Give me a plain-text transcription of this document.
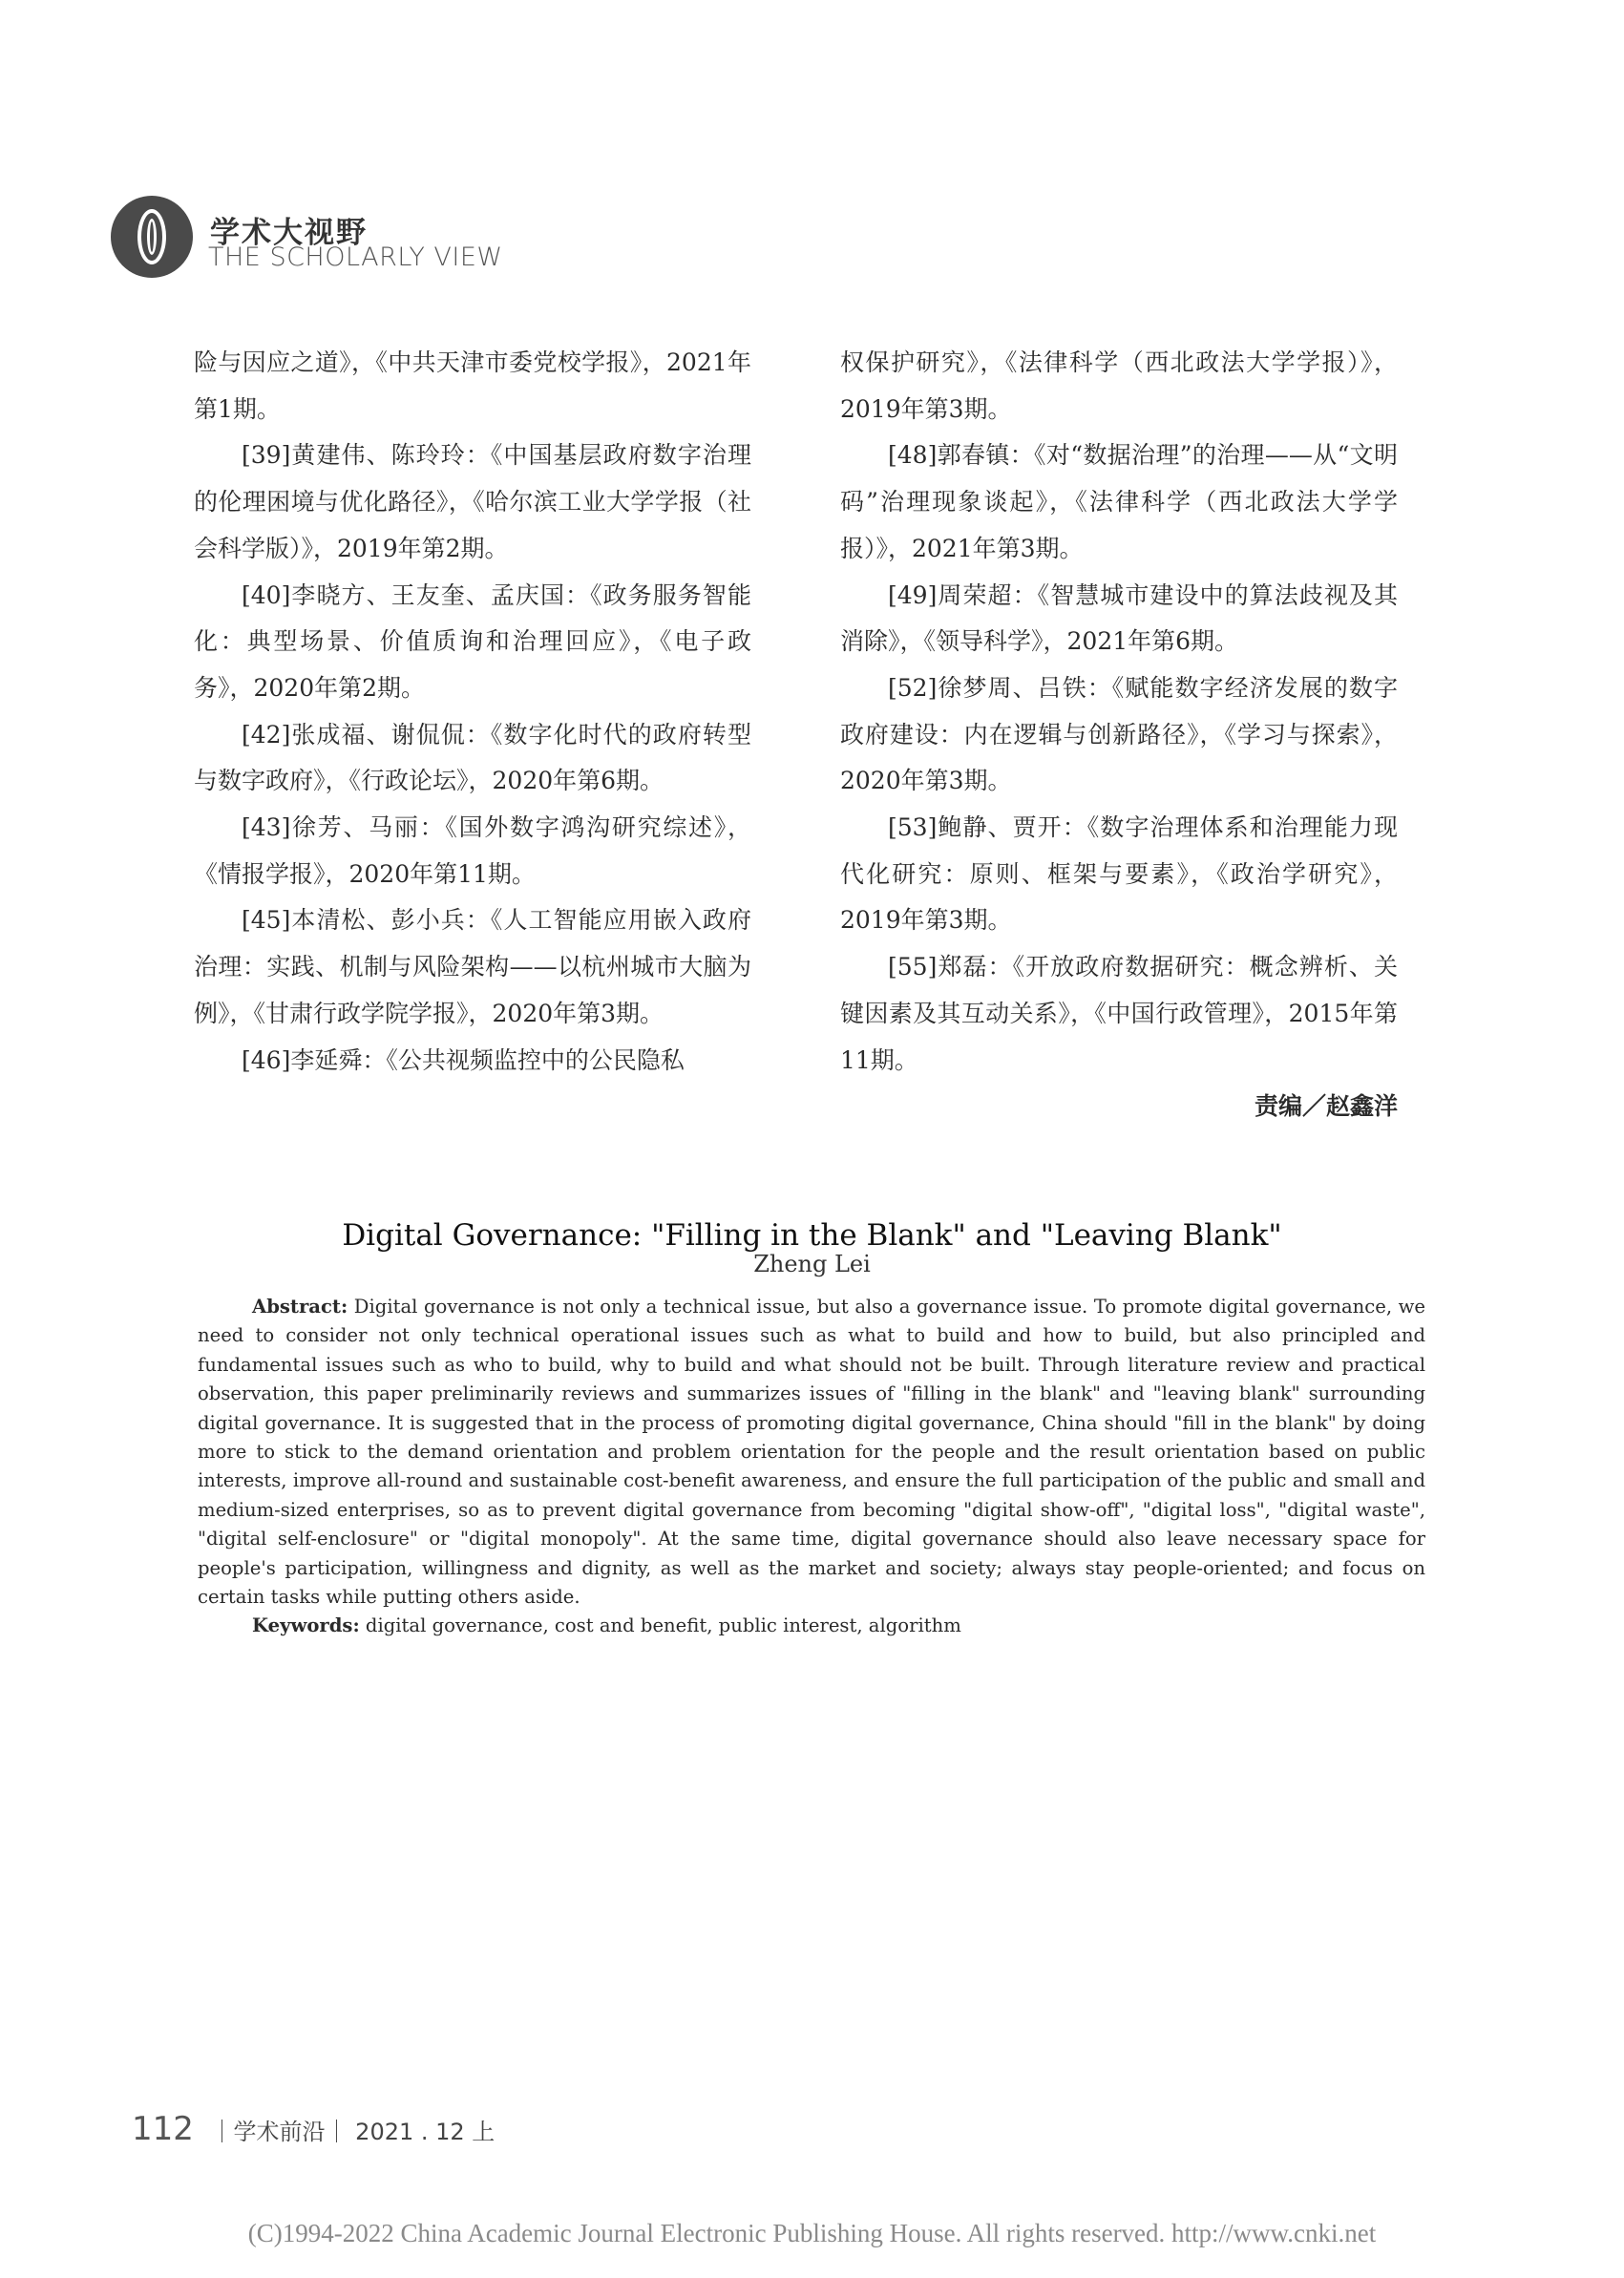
学术大视野
THE SCHOLARLY VIEW

险与因应之道》，《中共天津市委党校学报》，2021年第1期。

[39]黄建伟、陈玲玲：《中国基层政府数字治理的伦理困境与优化路径》，《哈尔滨工业大学学报（社会科学版）》，2019年第2期。

[40]李晓方、王友奎、孟庆国：《政务服务智能化：典型场景、价值质询和治理回应》，《电子政务》，2020年第2期。

[42]张成福、谢侃侃：《数字化时代的政府转型与数字政府》，《行政论坛》，2020年第6期。

[43]徐芳、马丽：《国外数字鸿沟研究综述》，《情报学报》，2020年第11期。

[45]本清松、彭小兵：《人工智能应用嵌入政府治理：实践、机制与风险架构——以杭州城市大脑为例》，《甘肃行政学院学报》，2020年第3期。

[46]李延舜：《公共视频监控中的公民隐私

权保护研究》，《法律科学（西北政法大学学报）》，2019年第3期。

[48]郭春镇：《对“数据治理”的治理——从“文明码”治理现象谈起》，《法律科学（西北政法大学学报）》，2021年第3期。

[49]周荣超：《智慧城市建设中的算法歧视及其消除》，《领导科学》，2021年第6期。

[52]徐梦周、吕铁：《赋能数字经济发展的数字政府建设：内在逻辑与创新路径》，《学习与探索》，2020年第3期。

[53]鲍静、贾开：《数字治理体系和治理能力现代化研究：原则、框架与要素》，《政治学研究》，2019年第3期。

[55]郑磊：《开放政府数据研究：概念辨析、关键因素及其互动关系》，《中国行政管理》，2015年第11期。

责编／赵鑫洋

Digital Governance: "Filling in the Blank" and "Leaving Blank"
Zheng Lei

Abstract: Digital governance is not only a technical issue, but also a governance issue. To promote digital governance, we need to consider not only technical operational issues such as what to build and how to build, but also principled and fundamental issues such as who to build, why to build and what should not be built. Through literature review and practical observation, this paper preliminarily reviews and summarizes issues of "filling in the blank" and "leaving blank" surrounding digital governance. It is suggested that in the process of promoting digital governance, China should "fill in the blank" by doing more to stick to the demand orientation and problem orientation for the people and the result orientation based on public interests, improve all-round and sustainable cost-benefit awareness, and ensure the full participation of the public and small and medium-sized enterprises, so as to prevent digital governance from becoming "digital show-off", "digital loss", "digital waste", "digital self-enclosure" or "digital monopoly". At the same time, digital governance should also leave necessary space for people's participation, willingness and dignity, as well as the market and society; always stay people-oriented; and focus on certain tasks while putting others aside.

Keywords: digital governance, cost and benefit, public interest, algorithm

112 ｜学术前沿｜ 2021 . 12 上
(C)1994-2022 China Academic Journal Electronic Publishing House. All rights reserved. http://www.cnki.net
